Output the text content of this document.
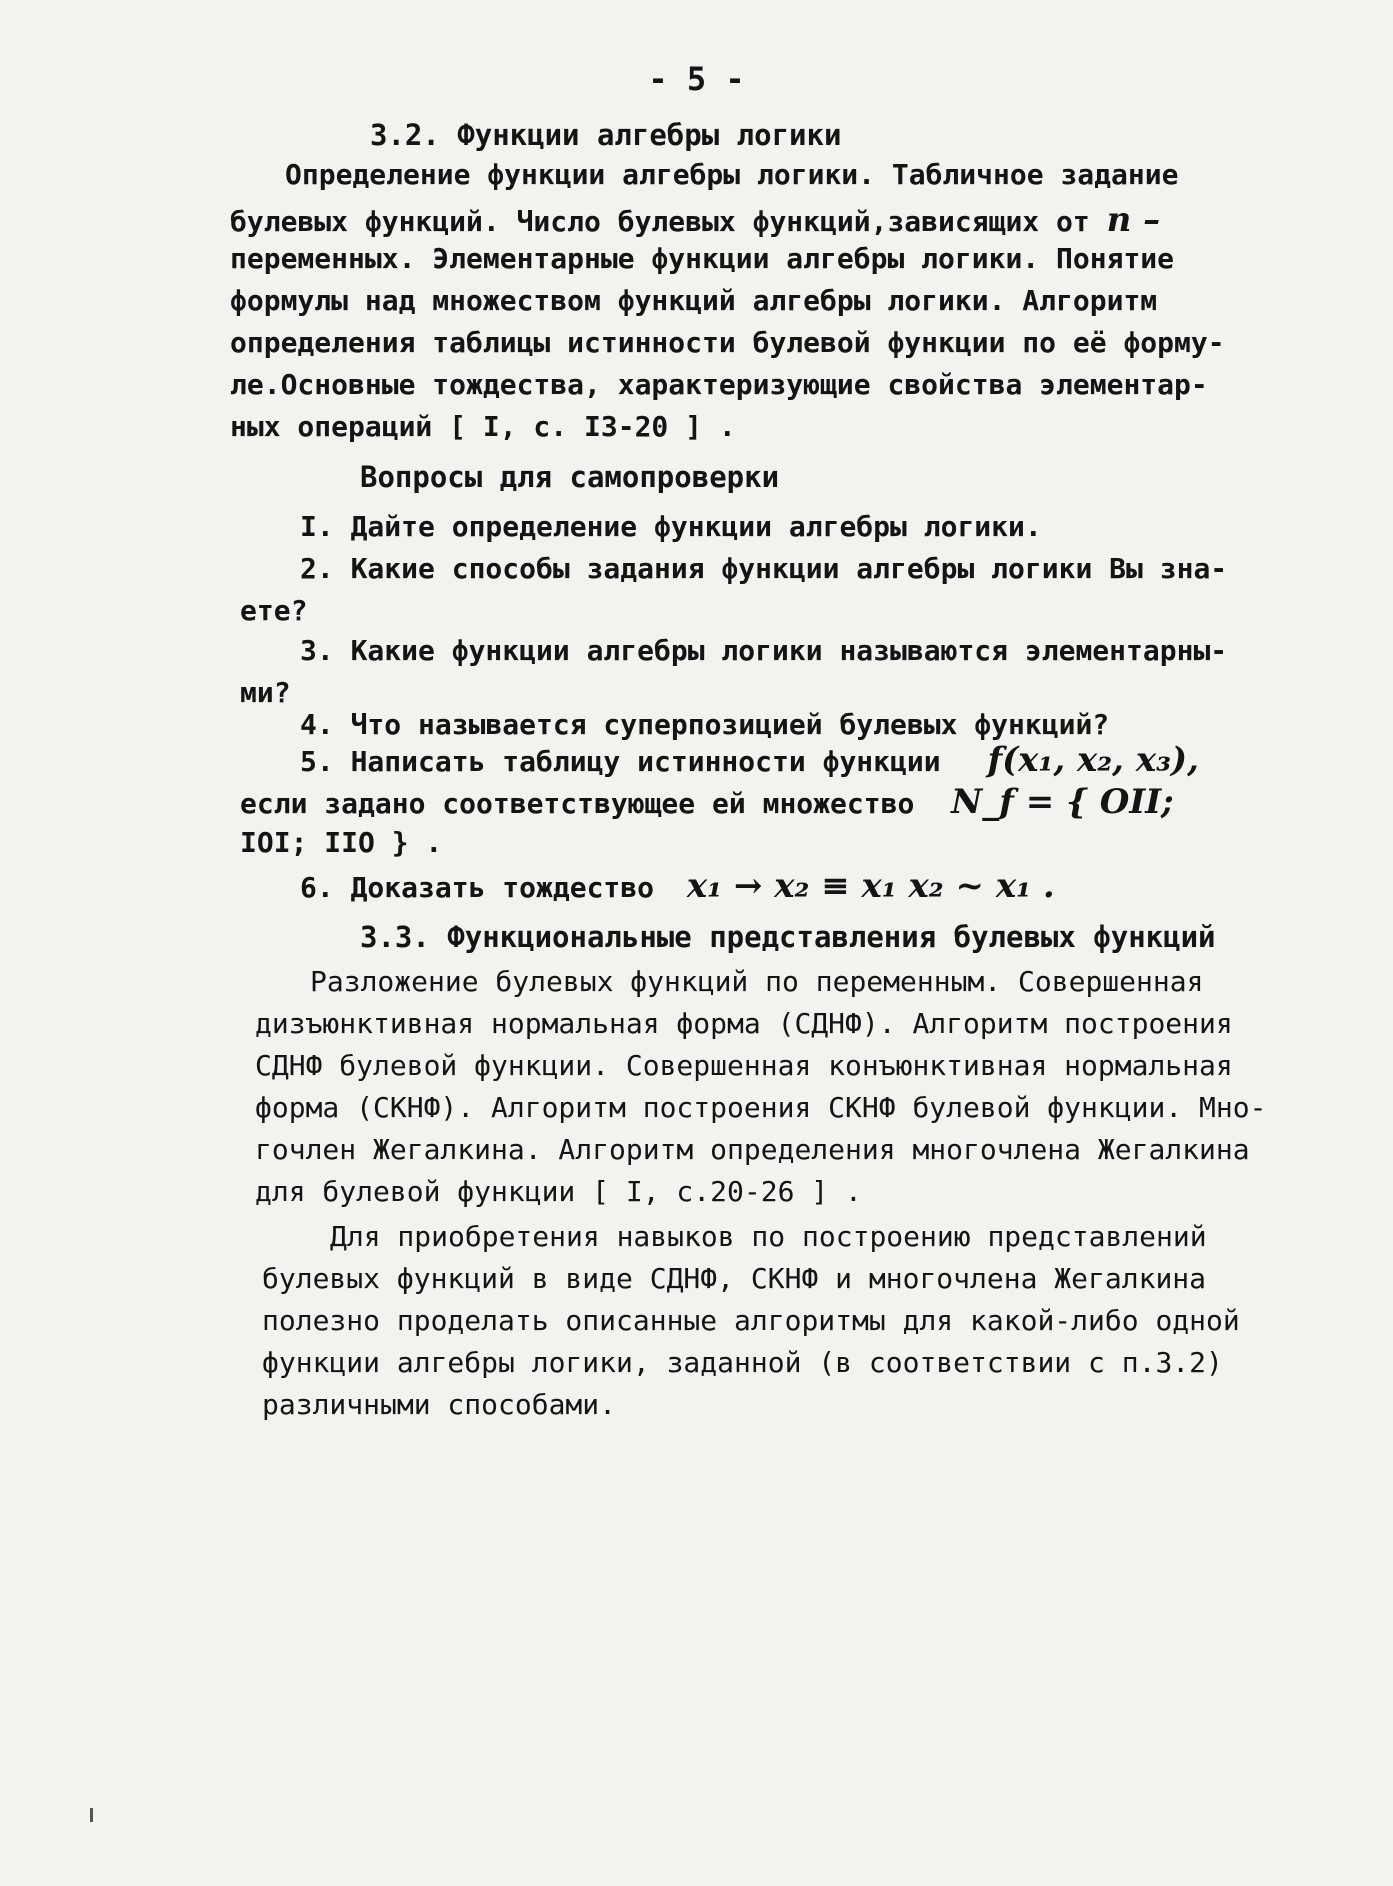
- 5 -
3.2. Функции алгебры логики
Определение функции алгебры логики. Табличное задание
булевых функций. Число булевых функций,зависящих от n –
переменных. Элементарные функции алгебры логики. Понятие
формулы над множеством функций алгебры логики. Алгоритм
определения таблицы истинности булевой функции по её форму-
ле.Основные тождества, характеризующие свойства элементар-
ных операций [ I, с. I3-20 ] .
Вопросы для самопроверки
I. Дайте определение функции алгебры логики.
2. Какие способы задания функции алгебры логики Вы зна-
ете?
3. Какие функции алгебры логики называются элементарны-
ми?
4. Что называется суперпозицией булевых функций?
5. Написать таблицу истинности функции f(x₁, x₂, x₃),
если задано соответствующее ей множество N_f = { OII;
IOI; IIO } .
6. Доказать тождество x₁ → x₂ ≡ x₁ x₂ ~ x₁ .
3.3. Функциональные представления булевых функций
Разложение булевых функций по переменным. Совершенная
дизъюнктивная нормальная форма (СДНФ). Алгоритм построения
СДНФ булевой функции. Совершенная конъюнктивная нормальная
форма (СКНФ). Алгоритм построения СКНФ булевой функции. Мно-
гочлен Жегалкина. Алгоритм определения многочлена Жегалкина
для булевой функции [ I, с.20-26 ] .
Для приобретения навыков по построению представлений
булевых функций в виде СДНФ, СКНФ и многочлена Жегалкина
полезно проделать описанные алгоритмы для какой-либо одной
функции алгебры логики, заданной (в соответствии с п.3.2)
различными способами.
